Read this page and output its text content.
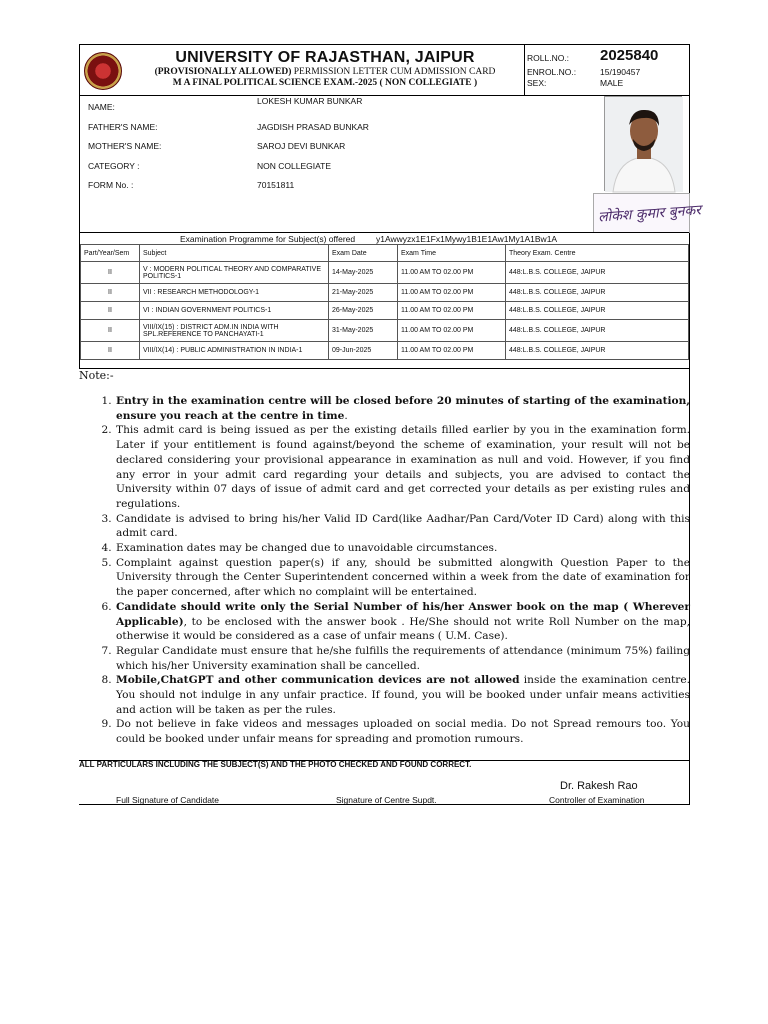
UNIVERSITY OF RAJASTHAN, JAIPUR
(PROVISIONALLY ALLOWED) PERMISSION LETTER CUM ADMISSION CARD
M A FINAL POLITICAL SCIENCE EXAM.-2025 ( NON COLLEGIATE )
ROLL.NO.: 2025840
ENROL.NO.:	15/190457
SEX:	MALE
NAME:
LOKESH KUMAR BUNKAR
FATHER'S NAME:	JAGDISH PRASAD BUNKAR
MOTHER'S NAME:	SAROJ DEVI BUNKAR
CATEGORY :	NON COLLEGIATE
FORM No. :	70151811
लोकेश कुमार बुनकर
Examination Programme for Subject(s) offered y1Awwyzx1E1Fx1Mywy1B1E1Aw1My1A1Bw1A
Part/Year/Sem	Subject	Exam Date	Exam Time	Theory Exam. Centre
II	V : MODERN POLITICAL THEORY AND COMPARATIVE POLITICS-1	14-May-2025	11.00 AM TO 02.00 PM	448:L.B.S. COLLEGE, JAIPUR
II	VII : RESEARCH METHODOLOGY-1	21-May-2025	11.00 AM TO 02.00 PM	448:L.B.S. COLLEGE, JAIPUR
II	VI : INDIAN GOVERNMENT POLITICS-1	26-May-2025	11.00 AM TO 02.00 PM	448:L.B.S. COLLEGE, JAIPUR
II	VIII/IX(15) : DISTRICT ADM.IN INDIA WITH SPL.REFERENCE TO PANCHAYATI-1	31-May-2025	11.00 AM TO 02.00 PM	448:L.B.S. COLLEGE, JAIPUR
II	VIII/IX(14) : PUBLIC ADMINISTRATION IN INDIA-1	09-Jun-2025	11.00 AM TO 02.00 PM	448:L.B.S. COLLEGE, JAIPUR
Note:-
1. Entry in the examination centre will be closed before 20 minutes of starting of the examination, ensure you reach at the centre in time.
2. This admit card is being issued as per the existing details filled earlier by you in the examination form. Later if your entitlement is found against/beyond the scheme of examination, your result will not be declared considering your provisional appearance in examination as null and void. However, if you find any error in your admit card regarding your details and subjects, you are advised to contact the University within 07 days of issue of admit card and get corrected your details as per existing rules and regulations.
3. Candidate is advised to bring his/her Valid ID Card(like Aadhar/Pan Card/Voter ID Card) along with this admit card.
4. Examination dates may be changed due to unavoidable circumstances.
5. Complaint against question paper(s) if any, should be submitted alongwith Question Paper to the University through the Center Superintendent concerned within a week from the date of examination for the paper concerned, after which no complaint will be entertained.
6. Candidate should write only the Serial Number of his/her Answer book on the map ( Wherever Applicable), to be enclosed with the answer book . He/She should not write Roll Number on the map, otherwise it would be considered as a case of unfair means ( U.M. Case).
7. Regular Candidate must ensure that he/she fulfills the requirements of attendance (minimum 75%) failing which his/her University examination shall be cancelled.
8. Mobile,ChatGPT and other communication devices are not allowed inside the examination centre. You should not indulge in any unfair practice. If found, you will be booked under unfair means activities and action will be taken as per the rules.
9. Do not believe in fake videos and messages uploaded on social media. Do not Spread remours too. You could be booked under unfair means for spreading and promotion rumours.
ALL PARTICULARS INCLUDING THE SUBJECT(S) AND THE PHOTO CHECKED AND FOUND CORRECT.
Dr. Rakesh Rao
Full Signature of Candidate	Signature of Centre Supdt.	Controller of Examination
